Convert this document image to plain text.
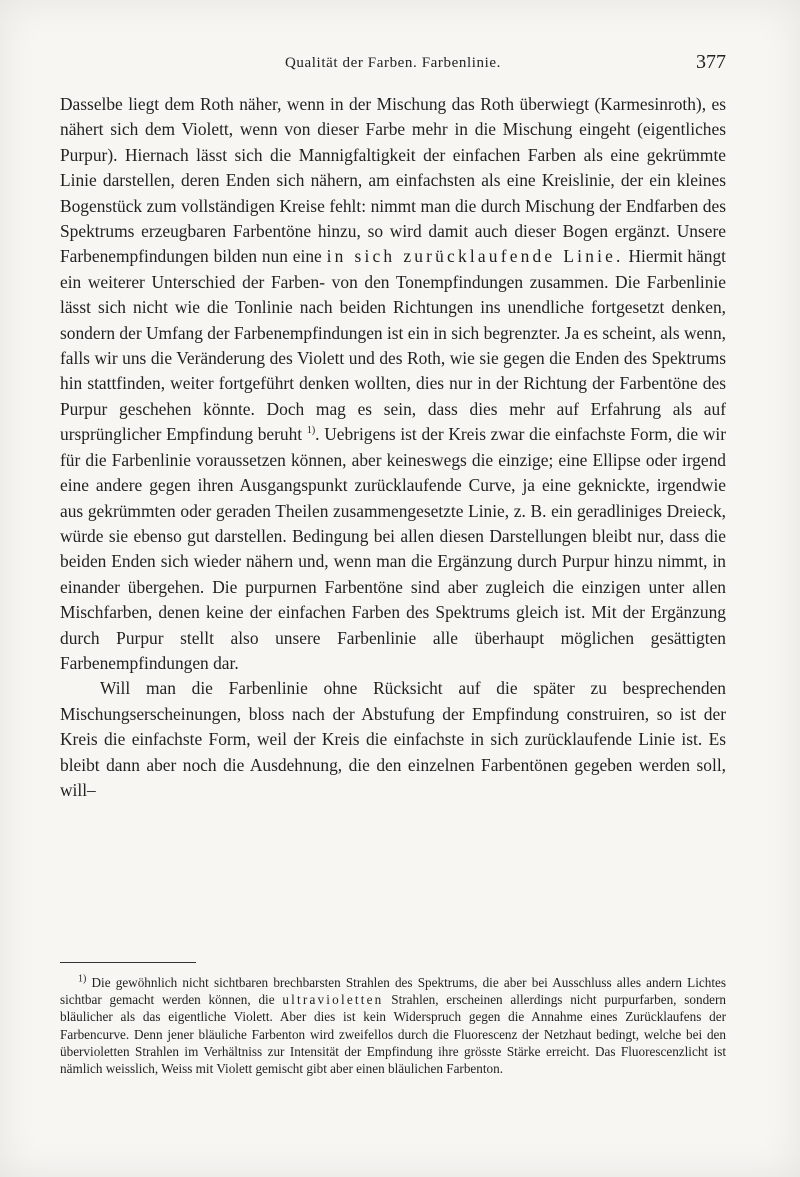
Qualität der Farben. Farbenlinie.	377

Dasselbe liegt dem Roth näher, wenn in der Mischung das Roth überwiegt (Karmesinroth), es nähert sich dem Violett, wenn von dieser Farbe mehr in die Mischung eingeht (eigentliches Purpur). Hiernach lässt sich die Mannigfaltigkeit der einfachen Farben als eine gekrümmte Linie darstellen, deren Enden sich nähern, am einfachsten als eine Kreislinie, der ein kleines Bogenstück zum vollständigen Kreise fehlt: nimmt man die durch Mischung der Endfarben des Spektrums erzeugbaren Farbentöne hinzu, so wird damit auch dieser Bogen ergänzt. Unsere Farbenempfindungen bilden nun eine in sich zurücklaufende Linie. Hiermit hängt ein weiterer Unterschied der Farben- von den Tonempfindungen zusammen. Die Farbenlinie lässt sich nicht wie die Tonlinie nach beiden Richtungen ins unendliche fortgesetzt denken, sondern der Umfang der Farbenempfindungen ist ein in sich begrenzter. Ja es scheint, als wenn, falls wir uns die Veränderung des Violett und des Roth, wie sie gegen die Enden des Spektrums hin stattfinden, weiter fortgeführt denken wollten, dies nur in der Richtung der Farbentöne des Purpur geschehen könnte. Doch mag es sein, dass dies mehr auf Erfahrung als auf ursprünglicher Empfindung beruht $^{1)}$. Uebrigens ist der Kreis zwar die einfachste Form, die wir für die Farbenlinie voraussetzen können, aber keineswegs die einzige; eine Ellipse oder irgend eine andere gegen ihren Ausgangspunkt zurücklaufende Curve, ja eine geknickte, irgendwie aus gekrümmten oder geraden Theilen zusammengesetzte Linie, z. B. ein geradliniges Dreieck, würde sie ebenso gut darstellen. Bedingung bei allen diesen Darstellungen bleibt nur, dass die beiden Enden sich wieder nähern und, wenn man die Ergänzung durch Purpur hinzu nimmt, in einander übergehen. Die purpurnen Farbentöne sind aber zugleich die einzigen unter allen Mischfarben, denen keine der einfachen Farben des Spektrums gleich ist. Mit der Ergänzung durch Purpur stellt also unsere Farbenlinie alle überhaupt möglichen gesättigten Farbenempfindungen dar.

Will man die Farbenlinie ohne Rücksicht auf die später zu besprechenden Mischungserscheinungen, bloss nach der Abstufung der Empfindung construiren, so ist der Kreis die einfachste Form, weil der Kreis die einfachste in sich zurücklaufende Linie ist. Es bleibt dann aber noch die Ausdehnung, die den einzelnen Farbentönen gegeben werden soll, will–

$^{1)}$ Die gewöhnlich nicht sichtbaren brechbarsten Strahlen des Spektrums, die aber bei Ausschluss alles andern Lichtes sichtbar gemacht werden können, die ultravioletten Strahlen, erscheinen allerdings nicht purpurfarben, sondern bläulicher als das eigentliche Violett. Aber dies ist kein Widerspruch gegen die Annahme eines Zurücklaufens der Farbencurve. Denn jener bläuliche Farbenton wird zweifellos durch die Fluorescenz der Netzhaut bedingt, welche bei den übervioletten Strahlen im Verhältniss zur Intensität der Empfindung ihre grösste Stärke erreicht. Das Fluorescenzlicht ist nämlich weisslich, Weiss mit Violett gemischt gibt aber einen bläulichen Farbenton.
